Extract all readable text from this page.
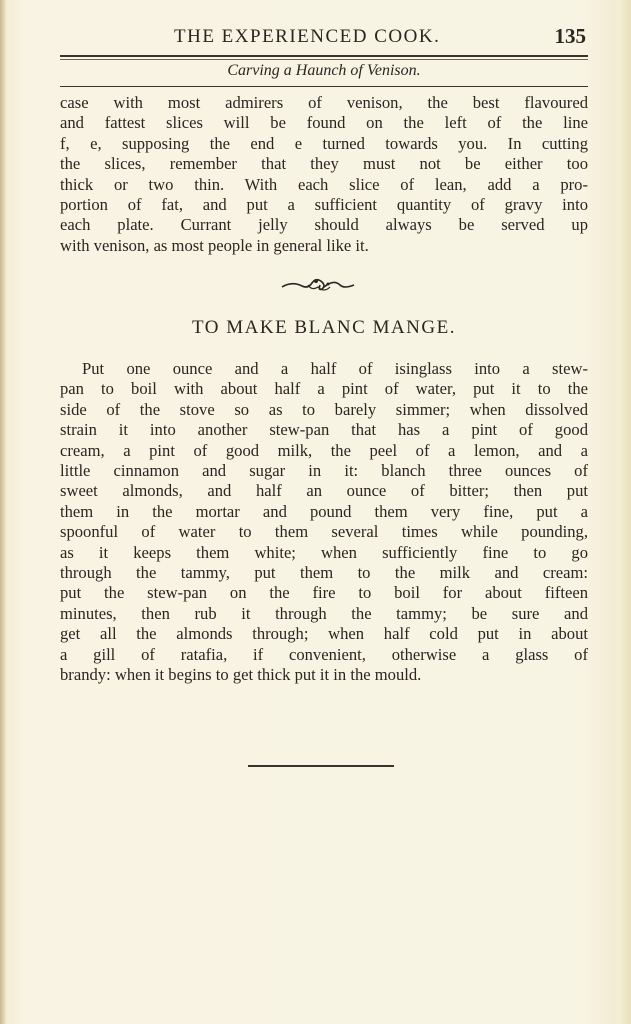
THE EXPERIENCED COOK.	135
Carving a Haunch of Venison.
case with most admirers of venison, the best flavoured
and fattest slices will be found on the left of the line
f, e, supposing the end e turned towards you. In cutting
the slices, remember that they must not be either too
thick or two thin. With each slice of lean, add a pro-
portion of fat, and put a sufficient quantity of gravy into
each plate. Currant jelly should always be served up
with venison, as most people in general like it.
TO MAKE BLANC MANGE.
Put one ounce and a half of isinglass into a stew-
pan to boil with about half a pint of water, put it to the
side of the stove so as to barely simmer; when dissolved
strain it into another stew-pan that has a pint of good
cream, a pint of good milk, the peel of a lemon, and a
little cinnamon and sugar in it: blanch three ounces of
sweet almonds, and half an ounce of bitter; then put
them in the mortar and pound them very fine, put a
spoonful of water to them several times while pounding,
as it keeps them white; when sufficiently fine to go
through the tammy, put them to the milk and cream:
put the stew-pan on the fire to boil for about fifteen
minutes, then rub it through the tammy; be sure and
get all the almonds through; when half cold put in about
a gill of ratafia, if convenient, otherwise a glass of
brandy: when it begins to get thick put it in the mould.
